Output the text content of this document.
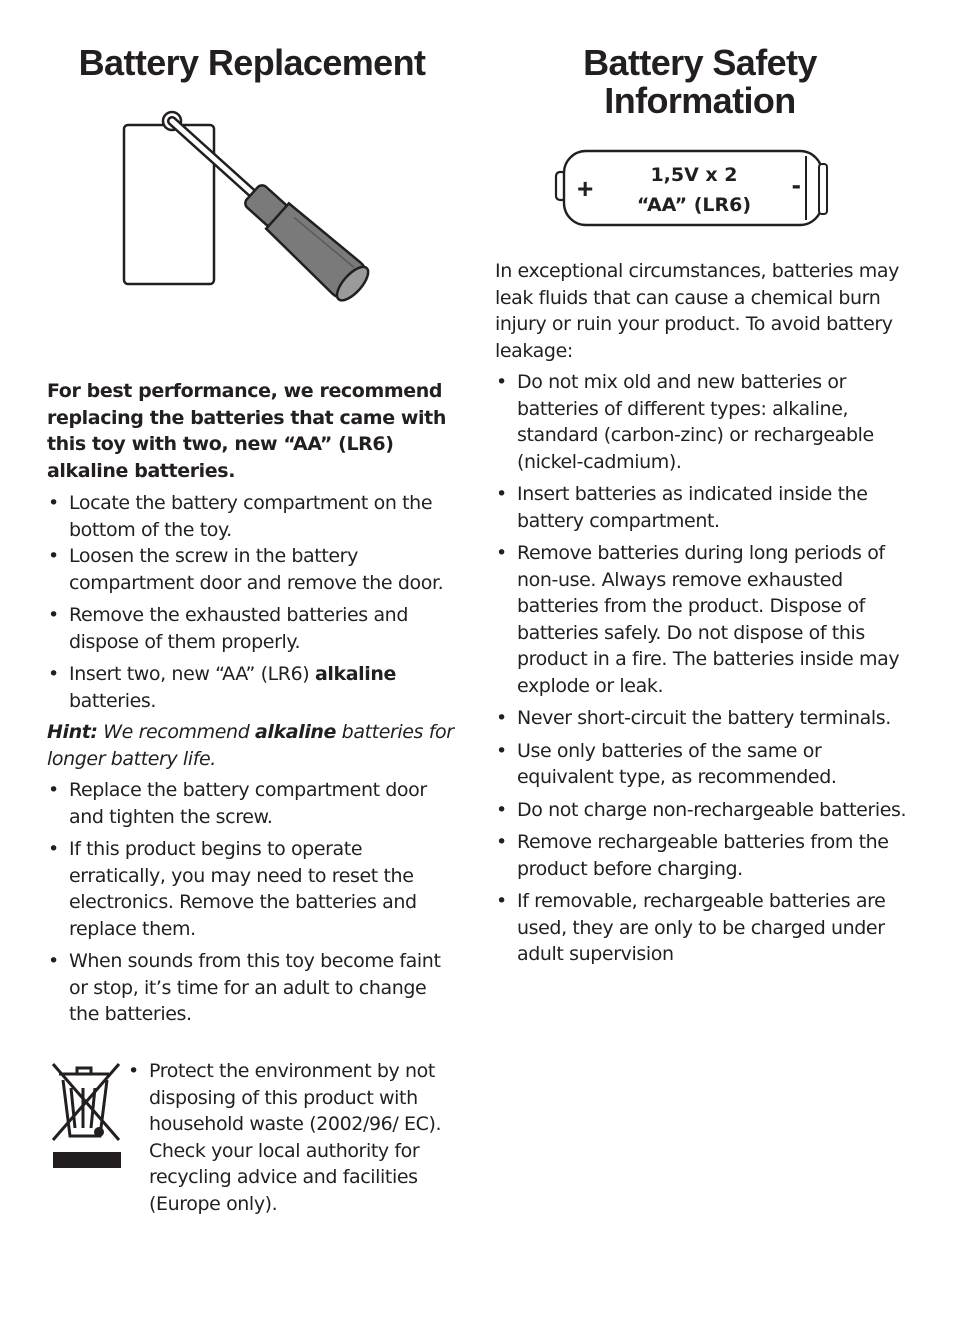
Battery Replacement
For best performance, we recommend replacing the batteries that came with this toy with two, new “AA” (LR6) alkaline batteries.
• Locate the battery compartment on the bottom of the toy.
• Loosen the screw in the battery compartment door and remove the door.
• Remove the exhausted batteries and dispose of them properly.
• Insert two, new “AA” (LR6) alkaline batteries.
Hint: We recommend alkaline batteries for longer battery life.
• Replace the battery compartment door and tighten the screw.
• If this product begins to operate erratically, you may need to reset the electronics. Remove the batteries and replace them.
• When sounds from this toy become faint or stop, it’s time for an adult to change the batteries.
• Protect the environment by not disposing of this product with household waste (2002/96/ EC). Check your local authority for recycling advice and facilities (Europe only).
Battery Safety
Information
+	-
1,5V x 2
“AA” (LR6)
In exceptional circumstances, batteries may leak fluids that can cause a chemical burn injury or ruin your product. To avoid battery leakage:
• Do not mix old and new batteries or batteries of different types: alkaline, standard (carbon-zinc) or rechargeable (nickel-cadmium).
• Insert batteries as indicated inside the battery compartment.
• Remove batteries during long periods of non-use. Always remove exhausted batteries from the product. Dispose of batteries safely. Do not dispose of this product in a fire. The batteries inside may explode or leak.
• Never short-circuit the battery terminals.
• Use only batteries of the same or equivalent type, as recommended.
• Do not charge non-rechargeable batteries.
• Remove rechargeable batteries from the product before charging.
• If removable, rechargeable batteries are used, they are only to be charged under adult supervision
